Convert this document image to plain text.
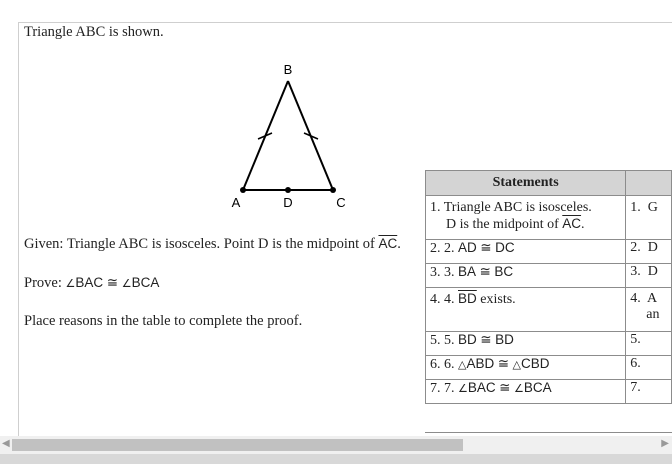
Triangle ABC is shown.
B
A	D	C
Given: Triangle ABC is isosceles. Point D is the midpoint of $\overline{AC}$.
Prove: ∠BAC ≅ ∠BCA
Place reasons in the table to complete the proof.
Statements	

1. Triangle ABC is isosceles.
D is the midpoint of $\overline{AC}$.	1. G
2. 2. $\overline{AD}$ ≅ $\overline{DC}$	2. D
3. 3. $\overline{BA}$ ≅ $\overline{BC}$	3. D
4. 4. $\overline{BD}$ exists.	4. A
an

5. 5. $\overline{BD}$ ≅ $\overline{BD}$	5.
6. 6. △ABD ≅ △CBD	6.
7. 7. ∠BAC ≅ ∠BCA	7.
◀	▶
